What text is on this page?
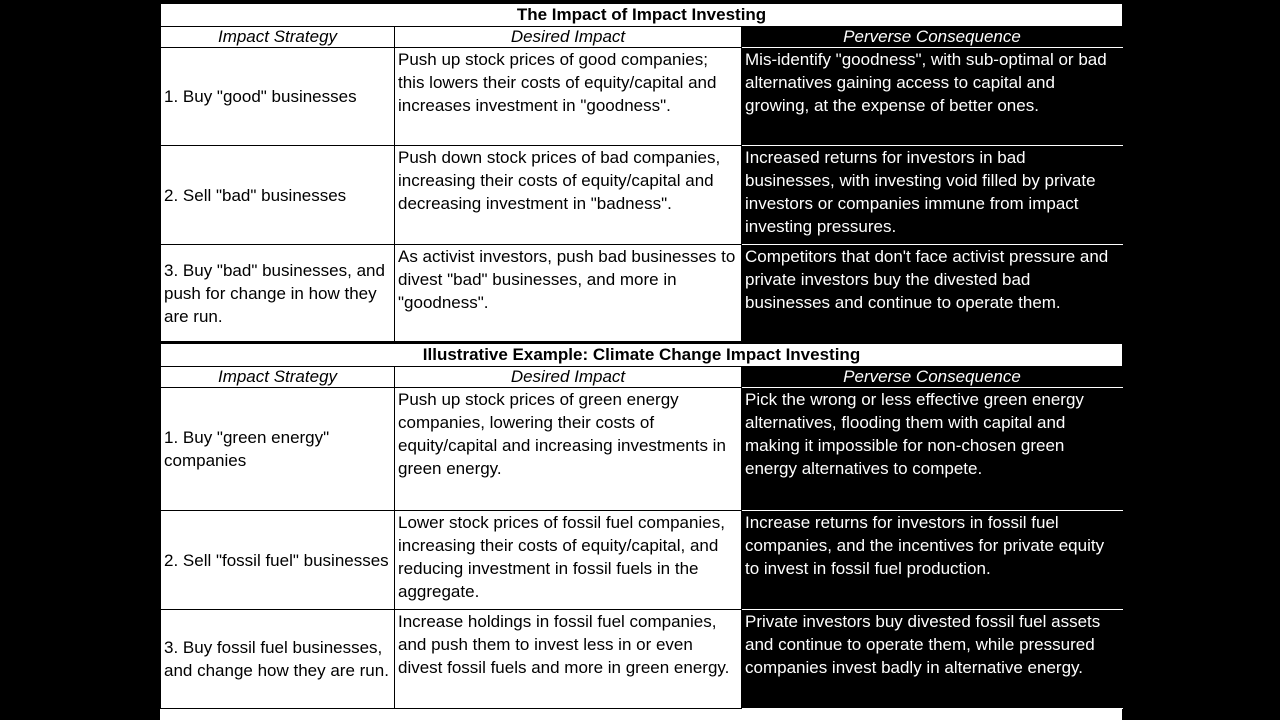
The Impact of Impact Investing		
Impact Strategy	Desired Impact	Perverse Consequence
1. Buy "good" businesses	Push up stock prices of good companies; this lowers their costs of equity/capital and increases investment in "goodness".	Mis-identify "goodness", with sub-optimal or bad alternatives gaining access to capital and growing, at the expense of better ones.
2. Sell "bad" businesses	Push down stock prices of bad companies, increasing their costs of equity/capital and decreasing investment in "badness".	Increased returns for investors in bad businesses, with investing void filled by private investors or companies immune from impact investing pressures.
3. Buy "bad" businesses, and push for change in how they are run.	As activist investors, push bad businesses to divest "bad" businesses, and more in "goodness".	Competitors that don't face activist pressure and private investors buy the divested bad businesses and continue to operate them.
Illustrative Example: Climate Change Impact Investing		
Impact Strategy	Desired Impact	Perverse Consequence
1. Buy "green energy" companies	Push up stock prices of green energy companies, lowering their costs of equity/capital and increasing investments in green energy.	Pick the wrong or less effective green energy alternatives, flooding them with capital and making it impossible for non-chosen green energy alternatives to compete.
2. Sell "fossil fuel" businesses	Lower stock prices of fossil fuel companies, increasing their costs of equity/capital, and reducing investment in fossil fuels in the aggregate.	Increase returns for investors in fossil fuel companies, and the incentives for private equity to invest in fossil fuel production.
3. Buy fossil fuel businesses, and change how they are run.	Increase holdings in fossil fuel companies, and push them to invest less in or even divest fossil fuels and more in green energy.	Private investors buy divested fossil fuel assets and continue to operate them, while pressured companies invest badly in alternative energy.
